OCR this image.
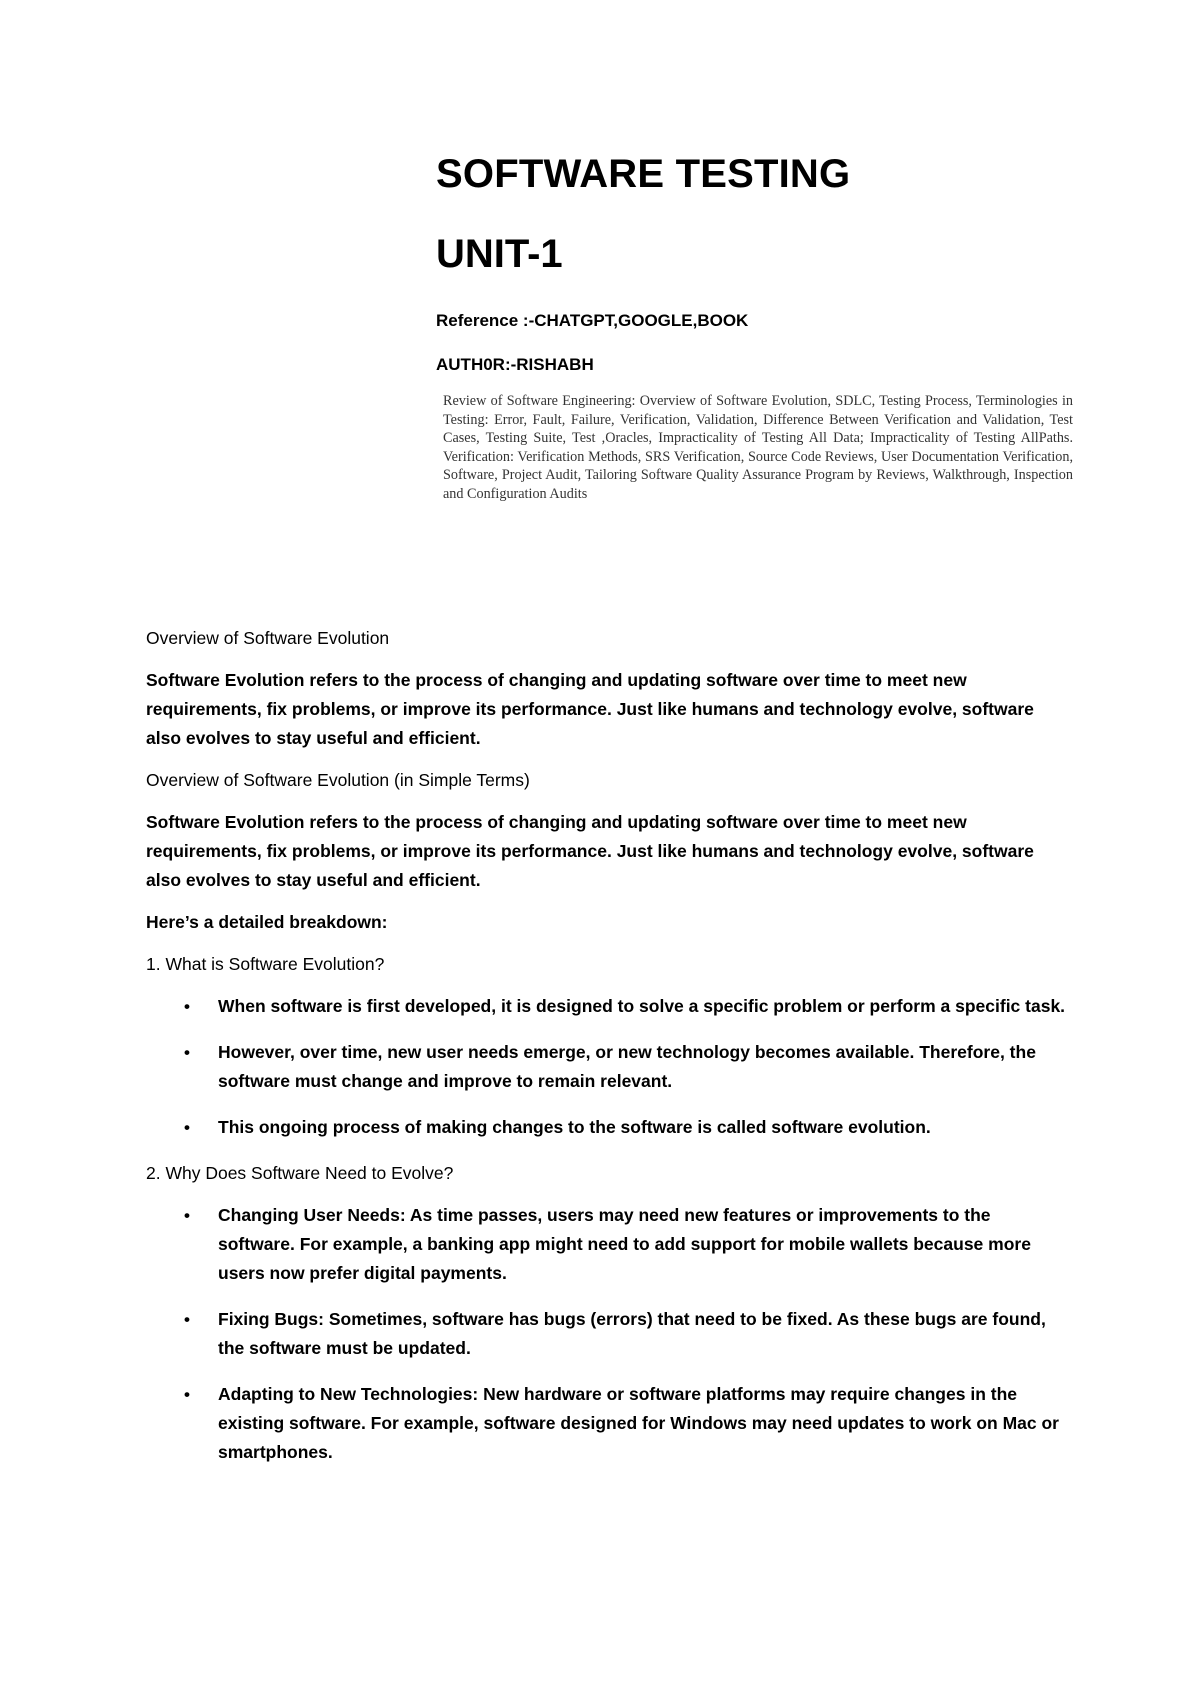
SOFTWARE TESTING
UNIT-1

Reference :-CHATGPT,GOOGLE,BOOK

AUTH0R:-RISHABH

Review of Software Engineering: Overview of Software Evolution, SDLC, Testing Process, Terminologies in Testing: Error, Fault, Failure, Verification, Validation, Difference Between Verification and Validation, Test Cases, Testing Suite, Test ,Oracles, Impracticality of Testing All Data; Impracticality of Testing AllPaths. Verification: Verification Methods, SRS Verification, Source Code Reviews, User Documentation Verification, Software, Project Audit, Tailoring Software Quality Assurance Program by Reviews, Walkthrough, Inspection and Configuration Audits

Overview of Software Evolution

Software Evolution refers to the process of changing and updating software over time to meet new requirements, fix problems, or improve its performance. Just like humans and technology evolve, software also evolves to stay useful and efficient.

Overview of Software Evolution (in Simple Terms)

Software Evolution refers to the process of changing and updating software over time to meet new requirements, fix problems, or improve its performance. Just like humans and technology evolve, software also evolves to stay useful and efficient.

Here’s a detailed breakdown:

1. What is Software Evolution?

• When software is first developed, it is designed to solve a specific problem or perform a specific task.
• However, over time, new user needs emerge, or new technology becomes available. Therefore, the software must change and improve to remain relevant.
• This ongoing process of making changes to the software is called software evolution.

2. Why Does Software Need to Evolve?

• Changing User Needs: As time passes, users may need new features or improvements to the software. For example, a banking app might need to add support for mobile wallets because more users now prefer digital payments.
• Fixing Bugs: Sometimes, software has bugs (errors) that need to be fixed. As these bugs are found, the software must be updated.
• Adapting to New Technologies: New hardware or software platforms may require changes in the existing software. For example, software designed for Windows may need updates to work on Mac or smartphones.
